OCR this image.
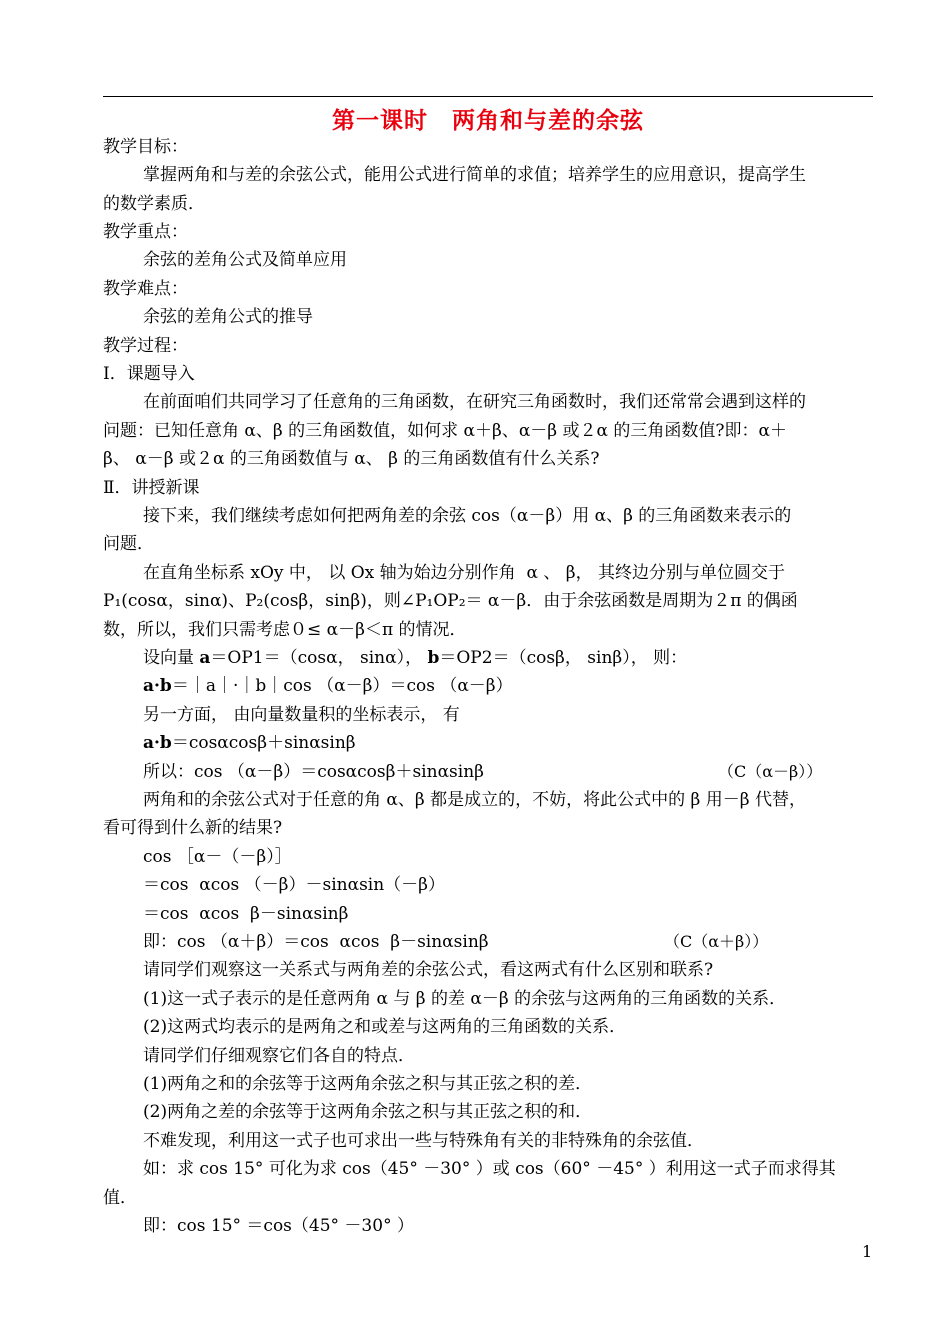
第一课时　两角和与差的余弦
教学目标：
掌握两角和与差的余弦公式，能用公式进行简单的求值；培养学生的应用意识，提高学生
的数学素质．
教学重点：
余弦的差角公式及简单应用
教学难点：
余弦的差角公式的推导
教学过程：
Ⅰ．课题导入
在前面咱们共同学习了任意角的三角函数，在研究三角函数时，我们还常常会遇到这样的
问题：已知任意角 α、β 的三角函数值，如何求 α＋β、α－β 或２α 的三角函数值?即：α＋
β、 α－β 或２α 的三角函数值与 α、 β 的三角函数值有什么关系?
Ⅱ．讲授新课
接下来，我们继续考虑如何把两角差的余弦 cos（α－β）用 α、β 的三角函数来表示的
问题．
在直角坐标系 xOy 中， 以 Ox 轴为始边分别作角  α 、 β， 其终边分别与单位圆交于
P₁(cosα，sinα)、P₂(cosβ，sinβ)，则∠P₁OP₂＝ α－β．由于余弦函数是周期为２π 的偶函
数，所以，我们只需考虑０≤ α－β＜π 的情况．
设向量 a＝OP1＝（cosα， sinα）， b＝OP2＝（cosβ， sinβ）， 则：
a·b＝｜a｜·｜b｜cos （α－β）＝cos （α－β）
另一方面， 由向量数量积的坐标表示， 有
a·b＝cosαcosβ＋sinαsinβ
所以：cos （α－β）＝cosαcosβ＋sinαsinβ	（C（α－β））
两角和的余弦公式对于任意的角 α、β 都是成立的，不妨，将此公式中的 β 用－β 代替，
看可得到什么新的结果?
cos ［α－（－β）］
＝cos  αcos （－β）－sinαsin（－β）
＝cos  αcos  β－sinαsinβ
即：cos （α＋β）＝cos  αcos  β－sinαsinβ	（C（α＋β））
请同学们观察这一关系式与两角差的余弦公式，看这两式有什么区别和联系?
(1)这一式子表示的是任意两角 α 与 β 的差 α－β 的余弦与这两角的三角函数的关系．
(2)这两式均表示的是两角之和或差与这两角的三角函数的关系．
请同学们仔细观察它们各自的特点．
(1)两角之和的余弦等于这两角余弦之积与其正弦之积的差．
(2)两角之差的余弦等于这两角余弦之积与其正弦之积的和．
不难发现，利用这一式子也可求出一些与特殊角有关的非特殊角的余弦值．
如：求 cos 15° 可化为求 cos（45° －30° ）或 cos（60° －45° ）利用这一式子而求得其
值．
即：cos 15° ＝cos（45° －30° ）
1
